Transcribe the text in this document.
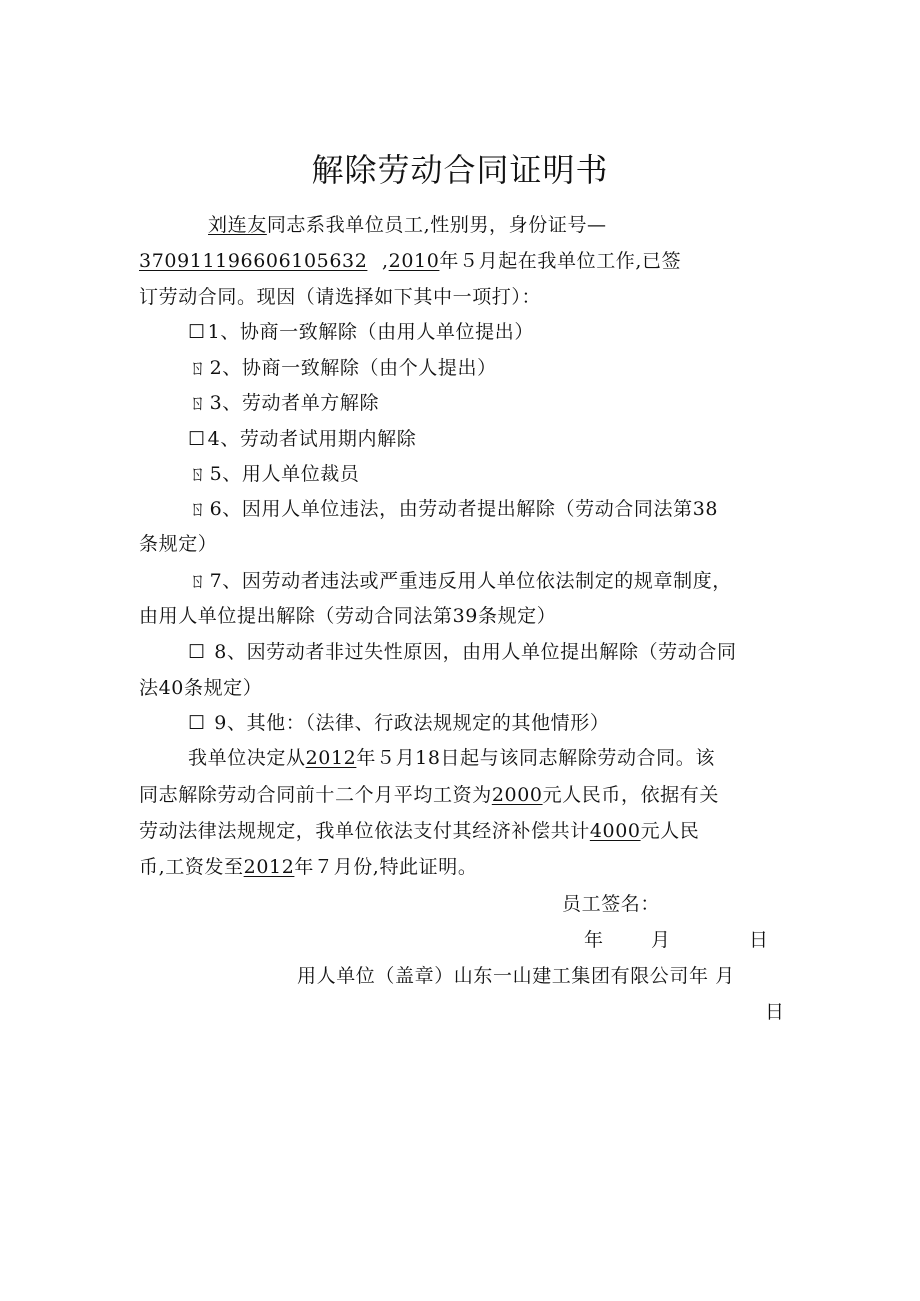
解除劳动合同证明书
刘连友同志系我单位员工,性别男，身份证号—
370911196606105632 ,2010年５月起在我单位工作,已签
订劳动合同。现因（请选择如下其中一项打）：
☐ 1、协商一致解除（由用人单位提出）
ㄖ 2、协商一致解除（由个人提出）
ㄖ 3、劳动者单方解除
☐ 4、劳动者试用期内解除
ㄖ 5、用人单位裁员
ㄖ 6、因用人单位违法，由劳动者提出解除（劳动合同法第38
条规定）
ㄖ 7、因劳动者违法或严重违反用人单位依法制定的规章制度，
由用人单位提出解除（劳动合同法第39条规定）
☐ 8、因劳动者非过失性原因，由用人单位提出解除（劳动合同
法40条规定）
☐ 9、其他：（法律、行政法规规定的其他情形）
我单位决定从2012年５月18日起与该同志解除劳动合同。该
同志解除劳动合同前十二个月平均工资为2000元人民币，依据有关
劳动法律法规规定，我单位依法支付其经济补偿共计4000元人民
币,工资发至2012年７月份,特此证明。
员工签名：
年 月	日
用人单位（盖章）山东一山建工集团有限公司年 月
日
